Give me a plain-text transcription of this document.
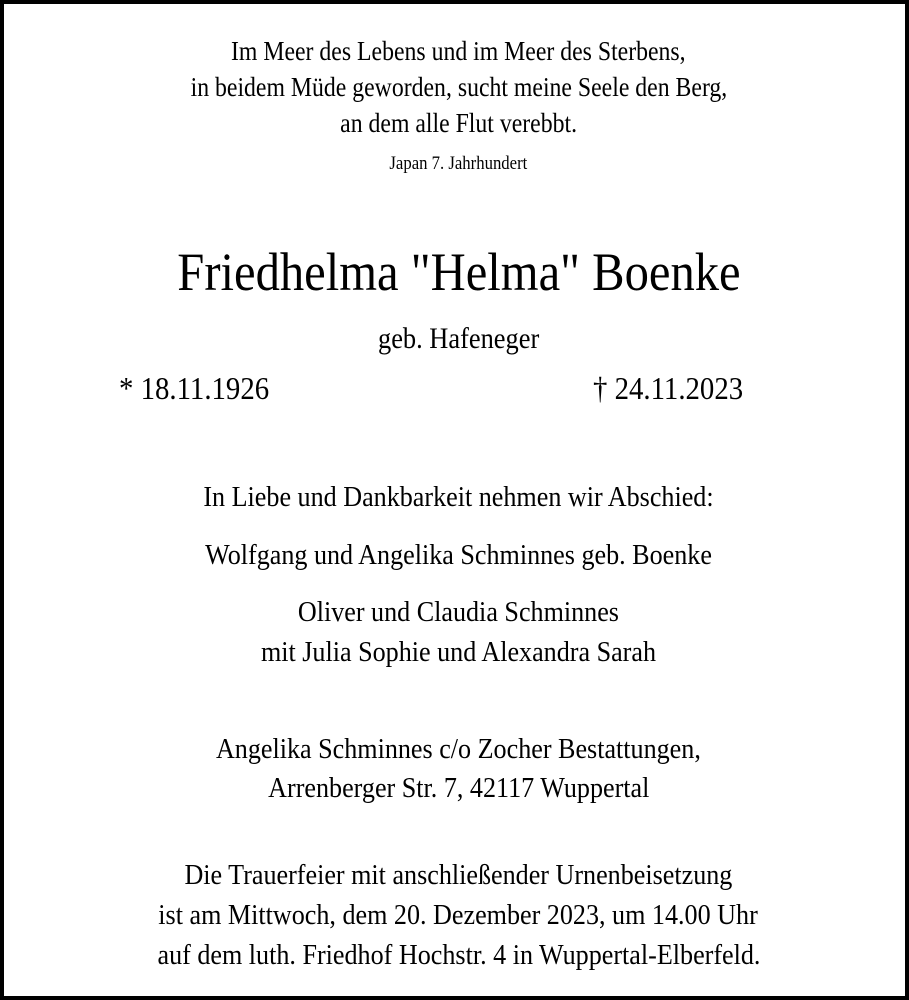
Im Meer des Lebens und im Meer des Sterbens,
in beidem Müde geworden, sucht meine Seele den Berg,
an dem alle Flut verebbt.
Japan 7. Jahrhundert
Friedhelma "Helma" Boenke
geb. Hafeneger
* 18.11.1926	† 24.11.2023
In Liebe und Dankbarkeit nehmen wir Abschied:
Wolfgang und Angelika Schminnes geb. Boenke
Oliver und Claudia Schminnes
mit Julia Sophie und Alexandra Sarah
Angelika Schminnes c/o Zocher Bestattungen,
Arrenberger Str. 7, 42117 Wuppertal
Die Trauerfeier mit anschließender Urnenbeisetzung
ist am Mittwoch, dem 20. Dezember 2023, um 14.00 Uhr
auf dem luth. Friedhof Hochstr. 4 in Wuppertal-Elberfeld.
